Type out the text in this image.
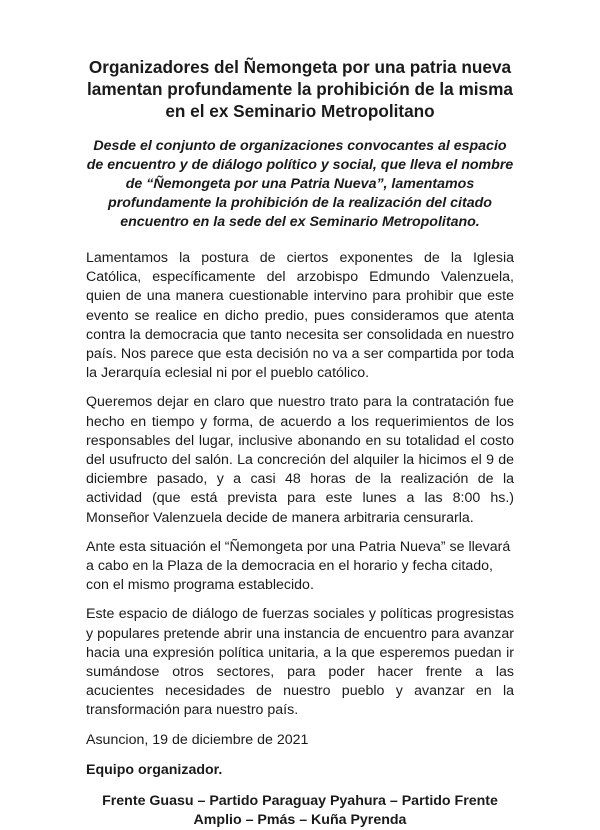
Organizadores del Ñemongeta por una patria nueva lamentan profundamente la prohibición de la misma en el ex Seminario Metropolitano

Desde el conjunto de organizaciones convocantes al espacio de encuentro y de diálogo político y social, que lleva el nombre de “Ñemongeta por una Patria Nueva”, lamentamos profundamente la prohibición de la realización del citado encuentro en la sede del ex Seminario Metropolitano.

Lamentamos la postura de ciertos exponentes de la Iglesia Católica, específicamente del arzobispo Edmundo Valenzuela, quien de una manera cuestionable intervino para prohibir que este evento se realice en dicho predio, pues consideramos que atenta contra la democracia que tanto necesita ser consolidada en nuestro país. Nos parece que esta decisión no va a ser compartida por toda la Jerarquía eclesial ni por el pueblo católico.

Queremos dejar en claro que nuestro trato para la contratación fue hecho en tiempo y forma, de acuerdo a los requerimientos de los responsables del lugar, inclusive abonando en su totalidad el costo del usufructo del salón. La concreción del alquiler la hicimos el 9 de diciembre pasado, y a casi 48 horas de la realización de la actividad (que está prevista para este lunes a las 8:00 hs.) Monseñor Valenzuela decide de manera arbitraria censurarla.

Ante esta situación el “Ñemongeta por una Patria Nueva” se llevará a cabo en la Plaza de la democracia en el horario y fecha citado, con el mismo programa establecido.

Este espacio de diálogo de fuerzas sociales y políticas progresistas y populares pretende abrir una instancia de encuentro para avanzar hacia una expresión política unitaria, a la que esperemos puedan ir sumándose otros sectores, para poder hacer frente a las acucientes necesidades de nuestro pueblo y avanzar en la transformación para nuestro país.

Asuncion, 19 de diciembre de 2021

Equipo organizador.

Frente Guasu – Partido Paraguay Pyahura – Partido Frente Amplio – Pmás – Kuña Pyrenda
